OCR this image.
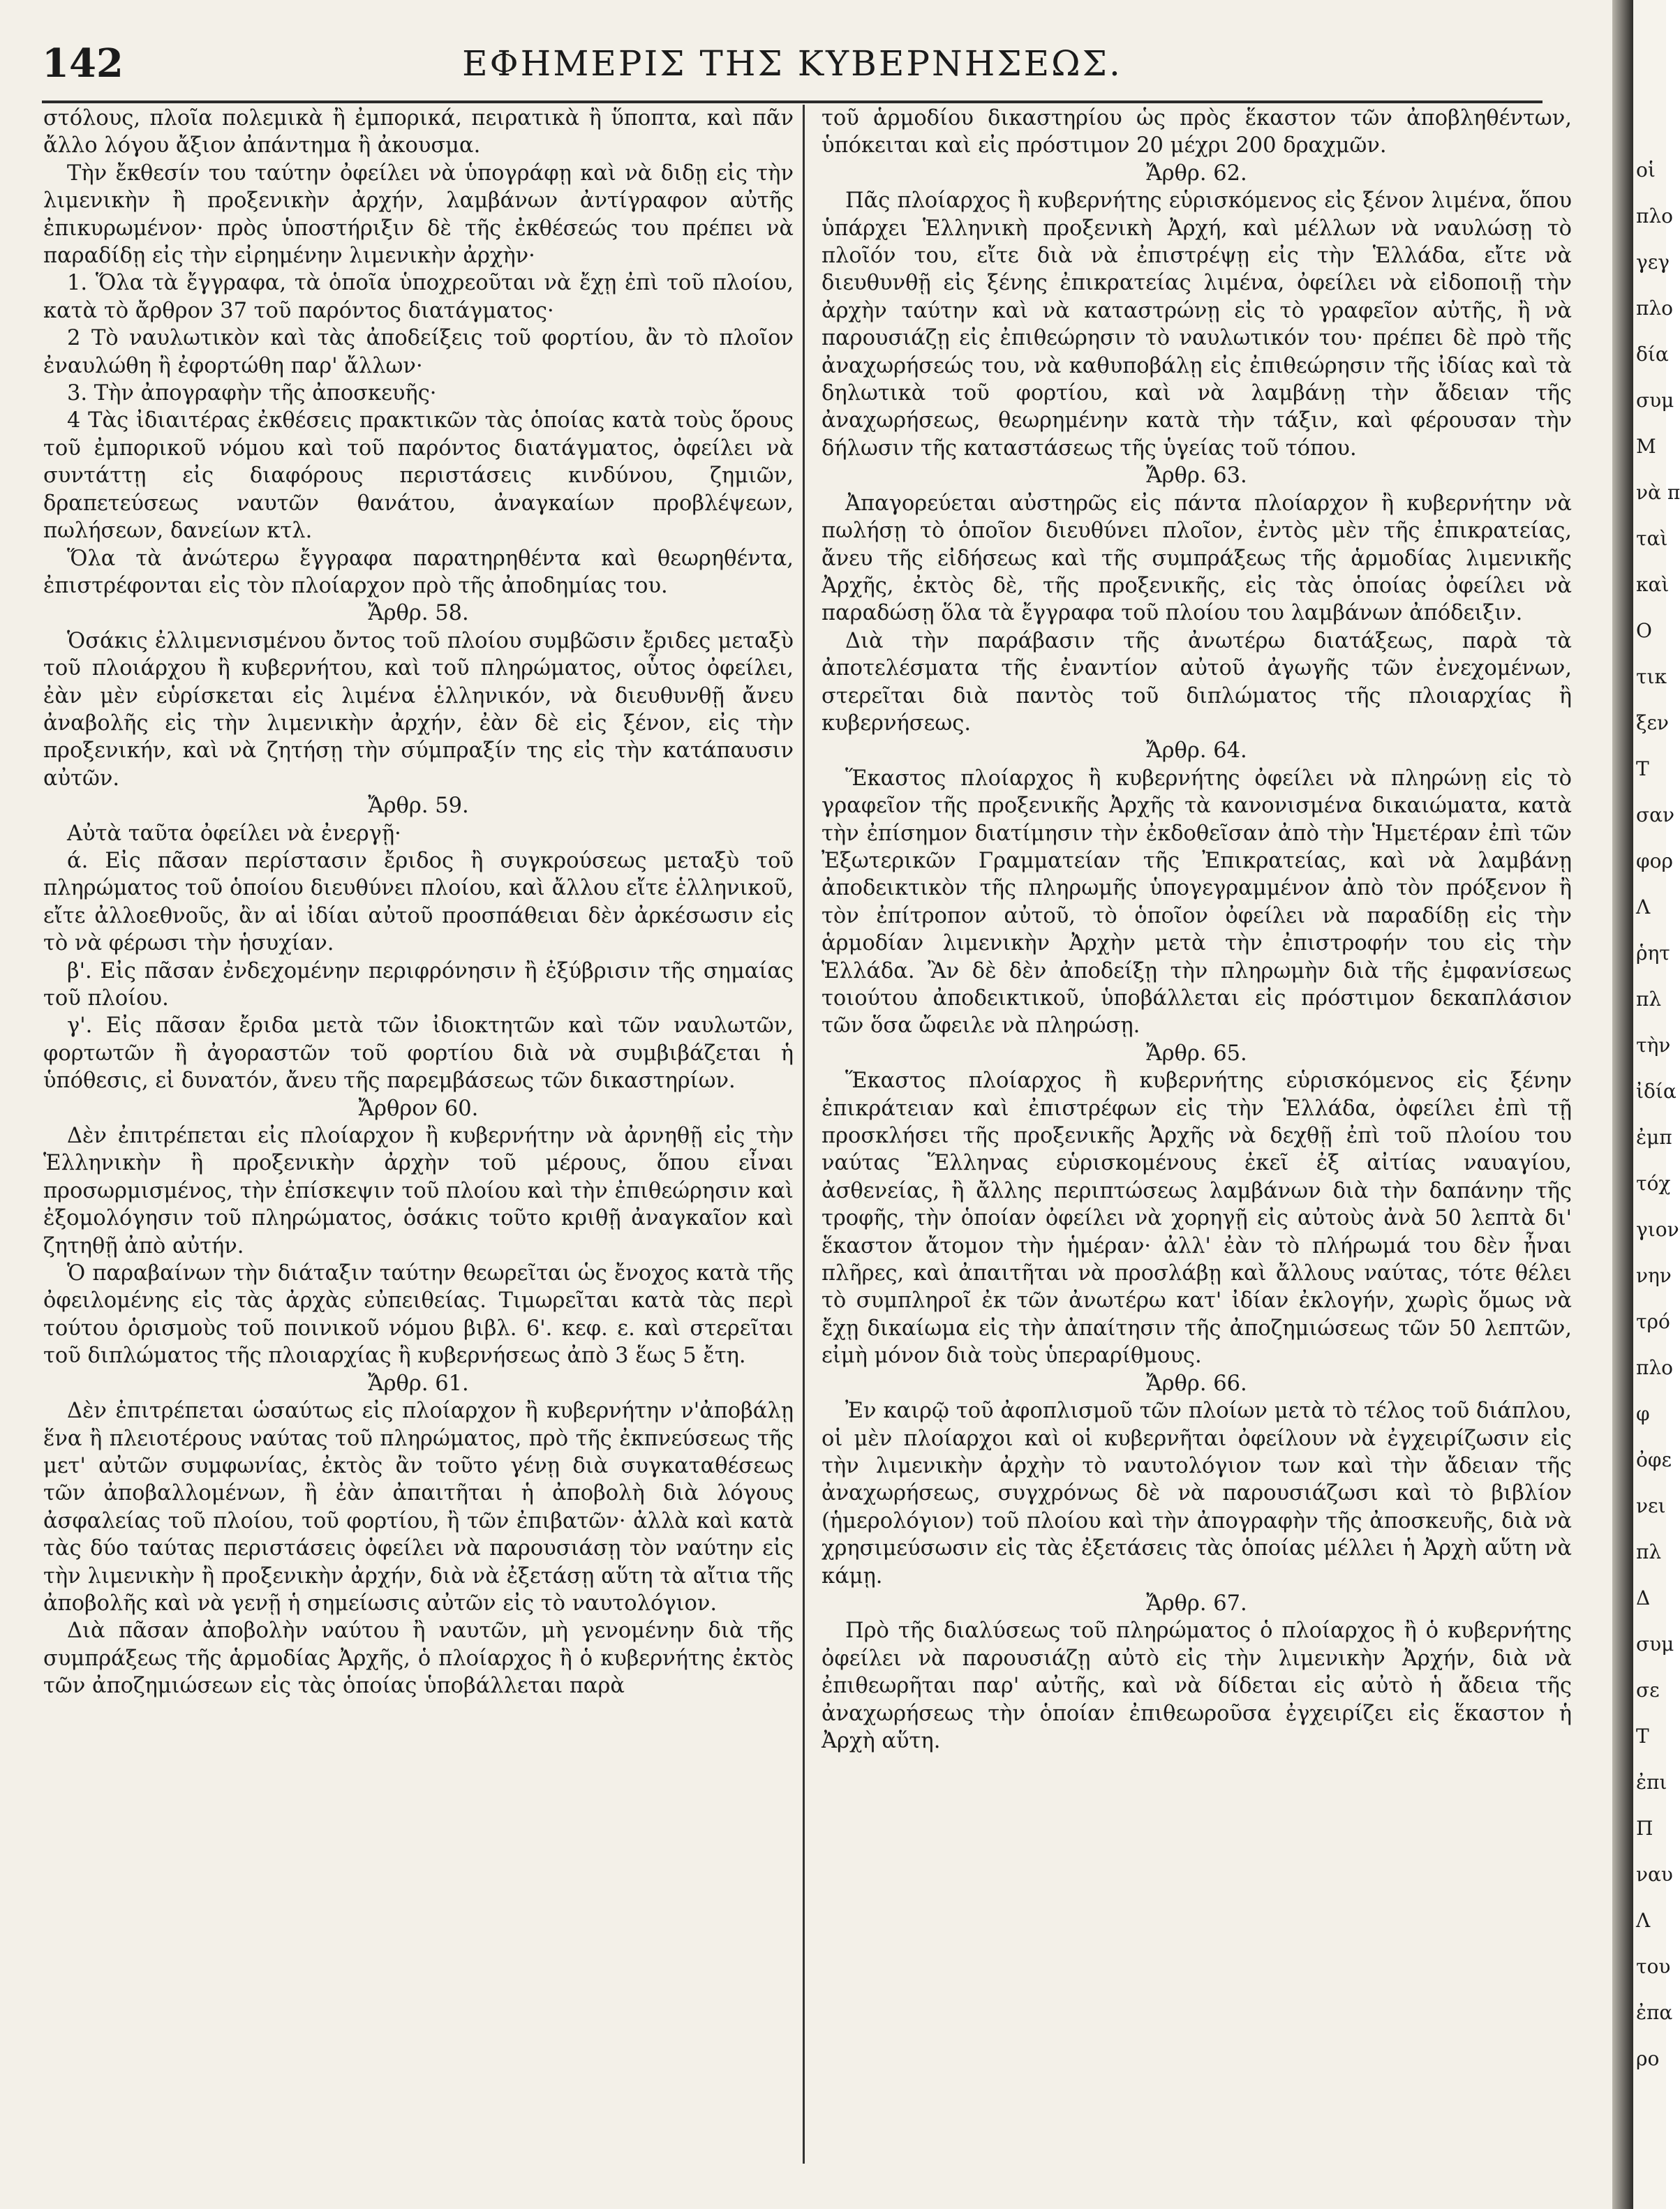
142	ΕΦΗΜΕΡΙΣ ΤΗΣ ΚΥΒΕΡΝΗΣΕΩΣ.

στόλους, πλοῖα πολεμικὰ ἢ ἐμπορικά, πειρατικὰ ἢ ὕποπτα, καὶ πᾶν ἄλλο λόγου ἄξιον ἀπάντημα ἢ ἀκουσμα.

Τὴν ἔκθεσίν του ταύτην ὀφείλει νὰ ὑπογράφῃ καὶ νὰ διδῃ εἰς τὴν λιμενικὴν ἢ προξενικὴν ἀρχήν, λαμβάνων ἀντίγραφον αὐτῆς ἐπικυρωμένον· πρὸς ὑποστήριξιν δὲ τῆς ἐκθέσεώς του πρέπει νὰ παραδίδῃ εἰς τὴν εἰρημένην λιμενικὴν ἀρχὴν·

1. Ὅλα τὰ ἔγγραφα, τὰ ὁποῖα ὑποχρεοῦται νὰ ἔχῃ ἐπὶ τοῦ πλοίου, κατὰ τὸ ἄρθρον 37 τοῦ παρόντος διατάγματος·

2 Τὸ ναυλωτικὸν καὶ τὰς ἀποδείξεις τοῦ φορτίου, ἂν τὸ πλοῖον ἐναυλώθη ἢ ἐφορτώθη παρ' ἄλλων·

3. Τὴν ἀπογραφὴν τῆς ἀποσκευῆς·

4 Τὰς ἰδιαιτέρας ἐκθέσεις πρακτικῶν τὰς ὁποίας κατὰ τοὺς ὅρους τοῦ ἐμπορικοῦ νόμου καὶ τοῦ παρόντος διατάγματος, ὀφείλει νὰ συντάττῃ εἰς διαφόρους περιστάσεις κινδύνου, ζημιῶν, δραπετεύσεως ναυτῶν θανάτου, ἀναγκαίων προβλέψεων, πωλήσεων, δανείων κτλ.

Ὅλα τὰ ἀνώτερω ἔγγραφα παρατηρηθέντα καὶ θεωρηθέντα, ἐπιστρέφονται εἰς τὸν πλοίαρχον πρὸ τῆς ἀποδημίας του.

Ἄρθρ. 58.

Ὁσάκις ἐλλιμενισμένου ὄντος τοῦ πλοίου συμβῶσιν ἔριδες μεταξὺ τοῦ πλοιάρχου ἢ κυβερνήτου, καὶ τοῦ πληρώματος, οὗτος ὀφείλει, ἐὰν μὲν εὑρίσκεται εἰς λιμένα ἑλληνικόν, νὰ διευθυνθῇ ἄνευ ἀναβολῆς εἰς τὴν λιμενικὴν ἀρχήν, ἐὰν δὲ εἰς ξένον, εἰς τὴν προξενικήν, καὶ νὰ ζητήσῃ τὴν σύμπραξίν της εἰς τὴν κατάπαυσιν αὐτῶν.

Ἄρθρ. 59.

Αὐτὰ ταῦτα ὀφείλει νὰ ἐνεργῇ·

ά. Εἰς πᾶσαν περίστασιν ἔριδος ἢ συγκρούσεως μεταξὺ τοῦ πληρώματος τοῦ ὁποίου διευθύνει πλοίου, καὶ ἄλλου εἴτε ἑλληνικοῦ, εἴτε ἀλλοεθνοῦς, ἂν αἱ ἰδίαι αὐτοῦ προσπάθειαι δὲν ἀρκέσωσιν εἰς τὸ νὰ φέρωσι τὴν ἡσυχίαν.

β'. Εἰς πᾶσαν ἐνδεχομένην περιφρόνησιν ἢ ἐξύβρισιν τῆς σημαίας τοῦ πλοίου.

γ'. Εἰς πᾶσαν ἔριδα μετὰ τῶν ἰδιοκτητῶν καὶ τῶν ναυλωτῶν, φορτωτῶν ἢ ἀγοραστῶν τοῦ φορτίου διὰ νὰ συμβιβάζεται ἡ ὑπόθεσις, εἰ δυνατόν, ἄνευ τῆς παρεμβάσεως τῶν δικαστηρίων.

Ἄρθρον 60.

Δὲν ἐπιτρέπεται εἰς πλοίαρχον ἢ κυβερνήτην νὰ ἀρνηθῇ εἰς τὴν Ἑλληνικὴν ἢ προξενικὴν ἀρχὴν τοῦ μέρους, ὅπου εἶναι προσωρμισμένος, τὴν ἐπίσκεψιν τοῦ πλοίου καὶ τὴν ἐπιθεώρησιν καὶ ἐξομολόγησιν τοῦ πληρώματος, ὁσάκις τοῦτο κριθῇ ἀναγκαῖον καὶ ζητηθῇ ἀπὸ αὐτήν.

Ὁ παραβαίνων τὴν διάταξιν ταύτην θεωρεῖται ὡς ἔνοχος κατὰ τῆς ὀφειλομένης εἰς τὰς ἀρχὰς εὐπειθείας. Τιμωρεῖται κατὰ τὰς περὶ τούτου ὁρισμοὺς τοῦ ποινικοῦ νόμου βιβλ. 6'. κεφ. ε. καὶ στερεῖται τοῦ διπλώματος τῆς πλοιαρχίας ἢ κυβερνήσεως ἀπὸ 3 ἕως 5 ἔτη.

Ἄρθρ. 61.

Δὲν ἐπιτρέπεται ὡσαύτως εἰς πλοίαρχον ἢ κυβερνήτην ν'ἀποβάλῃ ἕνα ἢ πλειοτέρους ναύτας τοῦ πληρώματος, πρὸ τῆς ἐκπνεύσεως τῆς μετ' αὐτῶν συμφωνίας, ἐκτὸς ἂν τοῦτο γένῃ διὰ συγκαταθέσεως τῶν ἀποβαλλομένων, ἢ ἐὰν ἀπαιτῆται ἡ ἀποβολὴ διὰ λόγους ἀσφαλείας τοῦ πλοίου, τοῦ φορτίου, ἢ τῶν ἐπιβατῶν· ἀλλὰ καὶ κατὰ τὰς δύο ταύτας περιστάσεις ὀφείλει νὰ παρουσιάσῃ τὸν ναύτην εἰς τὴν λιμενικὴν ἢ προξενικὴν ἀρχήν, διὰ νὰ ἐξετάσῃ αὕτη τὰ αἴτια τῆς ἀποβολῆς καὶ νὰ γενῇ ἡ σημείωσις αὐτῶν εἰς τὸ ναυτολόγιον.

Διὰ πᾶσαν ἀποβολὴν ναύτου ἢ ναυτῶν, μὴ γενομένην διὰ τῆς συμπράξεως τῆς ἁρμοδίας Ἀρχῆς, ὁ πλοίαρχος ἢ ὁ κυβερνήτης ἐκτὸς τῶν ἀποζημιώσεων εἰς τὰς ὁποίας ὑποβάλλεται παρὰ

τοῦ ἁρμοδίου δικαστηρίου ὡς πρὸς ἕκαστον τῶν ἀποβληθέντων, ὑπόκειται καὶ εἰς πρόστιμον 20 μέχρι 200 δραχμῶν.

Ἄρθρ. 62.

Πᾶς πλοίαρχος ἢ κυβερνήτης εὑρισκόμενος εἰς ξένον λιμένα, ὅπου ὑπάρχει Ἑλληνικὴ προξενικὴ Ἀρχή, καὶ μέλλων νὰ ναυλώσῃ τὸ πλοῖόν του, εἴτε διὰ νὰ ἐπιστρέψῃ εἰς τὴν Ἑλλάδα, εἴτε νὰ διευθυνθῇ εἰς ξένης ἐπικρατείας λιμένα, ὀφείλει νὰ εἰδοποιῇ τὴν ἀρχὴν ταύτην καὶ νὰ καταστρώνῃ εἰς τὸ γραφεῖον αὐτῆς, ἢ νὰ παρουσιάζῃ εἰς ἐπιθεώρησιν τὸ ναυλωτικόν του· πρέπει δὲ πρὸ τῆς ἀναχωρήσεώς του, νὰ καθυποβάλῃ εἰς ἐπιθεώρησιν τῆς ἰδίας καὶ τὰ δηλωτικὰ τοῦ φορτίου, καὶ νὰ λαμβάνῃ τὴν ἄδειαν τῆς ἀναχωρήσεως, θεωρημένην κατὰ τὴν τάξιν, καὶ φέρουσαν τὴν δήλωσιν τῆς καταστάσεως τῆς ὑγείας τοῦ τόπου.

Ἄρθρ. 63.

Ἀπαγορεύεται αὐστηρῶς εἰς πάντα πλοίαρχον ἢ κυβερνήτην νὰ πωλήσῃ τὸ ὁποῖον διευθύνει πλοῖον, ἐντὸς μὲν τῆς ἐπικρατείας, ἄνευ τῆς εἰδήσεως καὶ τῆς συμπράξεως τῆς ἁρμοδίας λιμενικῆς Ἀρχῆς, ἐκτὸς δὲ, τῆς προξενικῆς, εἰς τὰς ὁποίας ὀφείλει νὰ παραδώσῃ ὅλα τὰ ἔγγραφα τοῦ πλοίου του λαμβάνων ἀπόδειξιν.

Διὰ τὴν παράβασιν τῆς ἀνωτέρω διατάξεως, παρὰ τὰ ἀποτελέσματα τῆς ἐναντίον αὐτοῦ ἀγωγῆς τῶν ἐνεχομένων, στερεῖται διὰ παντὸς τοῦ διπλώματος τῆς πλοιαρχίας ἢ κυβερνήσεως.

Ἄρθρ. 64.

Ἕκαστος πλοίαρχος ἢ κυβερνήτης ὀφείλει νὰ πληρώνῃ εἰς τὸ γραφεῖον τῆς προξενικῆς Ἀρχῆς τὰ κανονισμένα δικαιώματα, κατὰ τὴν ἐπίσημον διατίμησιν τὴν ἐκδοθεῖσαν ἀπὸ τὴν Ἡμετέραν ἐπὶ τῶν Ἐξωτερικῶν Γραμματείαν τῆς Ἐπικρατείας, καὶ νὰ λαμβάνῃ ἀποδεικτικὸν τῆς πληρωμῆς ὑπογεγραμμένον ἀπὸ τὸν πρόξενον ἢ τὸν ἐπίτροπον αὐτοῦ, τὸ ὁποῖον ὀφείλει νὰ παραδίδῃ εἰς τὴν ἁρμοδίαν λιμενικὴν Ἀρχὴν μετὰ τὴν ἐπιστροφήν του εἰς τὴν Ἑλλάδα. Ἂν δὲ δὲν ἀποδείξῃ τὴν πληρωμὴν διὰ τῆς ἐμφανίσεως τοιούτου ἀποδεικτικοῦ, ὑποβάλλεται εἰς πρόστιμον δεκαπλάσιον τῶν ὅσα ὤφειλε νὰ πληρώσῃ.

Ἄρθρ. 65.

Ἕκαστος πλοίαρχος ἢ κυβερνήτης εὑρισκόμενος εἰς ξένην ἐπικράτειαν καὶ ἐπιστρέφων εἰς τὴν Ἑλλάδα, ὀφείλει ἐπὶ τῇ προσκλήσει τῆς προξενικῆς Ἀρχῆς νὰ δεχθῇ ἐπὶ τοῦ πλοίου του ναύτας Ἕλληνας εὑρισκομένους ἐκεῖ ἐξ αἰτίας ναυαγίου, ἀσθενείας, ἢ ἄλλης περιπτώσεως λαμβάνων διὰ τὴν δαπάνην τῆς τροφῆς, τὴν ὁποίαν ὀφείλει νὰ χορηγῇ εἰς αὐτοὺς ἀνὰ 50 λεπτὰ δι' ἕκαστον ἄτομον τὴν ἡμέραν· ἀλλ' ἐὰν τὸ πλήρωμά του δὲν ἦναι πλῆρες, καὶ ἀπαιτῆται νὰ προσλάβῃ καὶ ἄλλους ναύτας, τότε θέλει τὸ συμπληροῖ ἐκ τῶν ἀνωτέρω κατ' ἰδίαν ἐκλογήν, χωρὶς ὅμως νὰ ἔχῃ δικαίωμα εἰς τὴν ἀπαίτησιν τῆς ἀποζημιώσεως τῶν 50 λεπτῶν, εἰμὴ μόνον διὰ τοὺς ὑπεραρίθμους.

Ἄρθρ. 66.

Ἐν καιρῷ τοῦ ἀφοπλισμοῦ τῶν πλοίων μετὰ τὸ τέλος τοῦ διάπλου, οἱ μὲν πλοίαρχοι καὶ οἱ κυβερνῆται ὀφείλουν νὰ ἐγχειρίζωσιν εἰς τὴν λιμενικὴν ἀρχὴν τὸ ναυτολόγιον των καὶ τὴν ἄδειαν τῆς ἀναχωρήσεως, συγχρόνως δὲ νὰ παρουσιάζωσι καὶ τὸ βιβλίον (ἡμερολόγιον) τοῦ πλοίου καὶ τὴν ἀπογραφὴν τῆς ἀποσκευῆς, διὰ νὰ χρησιμεύσωσιν εἰς τὰς ἐξετάσεις τὰς ὁποίας μέλλει ἡ Ἀρχὴ αὕτη νὰ κάμῃ.

Ἄρθρ. 67.

Πρὸ τῆς διαλύσεως τοῦ πληρώματος ὁ πλοίαρχος ἢ ὁ κυβερνήτης ὀφείλει νὰ παρουσιάζῃ αὐτὸ εἰς τὴν λιμενικὴν Ἀρχήν, διὰ νὰ ἐπιθεωρῆται παρ' αὐτῆς, καὶ νὰ δίδεται εἰς αὐτὸ ἡ ἄδεια τῆς ἀναχωρήσεως τὴν ὁποίαν ἐπιθεωροῦσα ἐγχειρίζει εἰς ἕκαστον ἡ Ἀρχὴ αὕτη.

οἱ
πλο
γεγ
πλο
δία
συμ
Μ
νὰ π
ταὶ
καὶ
Ο
τικ
ξεν
Τ
σαν
φορ
Λ
ῥητ
πλ
τὴν
ἰδία
ἐμπ
τόχ
γιον
νην
τρό
πλο
φ
ὀφε
νει
πλ
Δ
συμ
σε
Τ
ἐπι
Π
ναυ
Λ
του
ἐπα
ρο
